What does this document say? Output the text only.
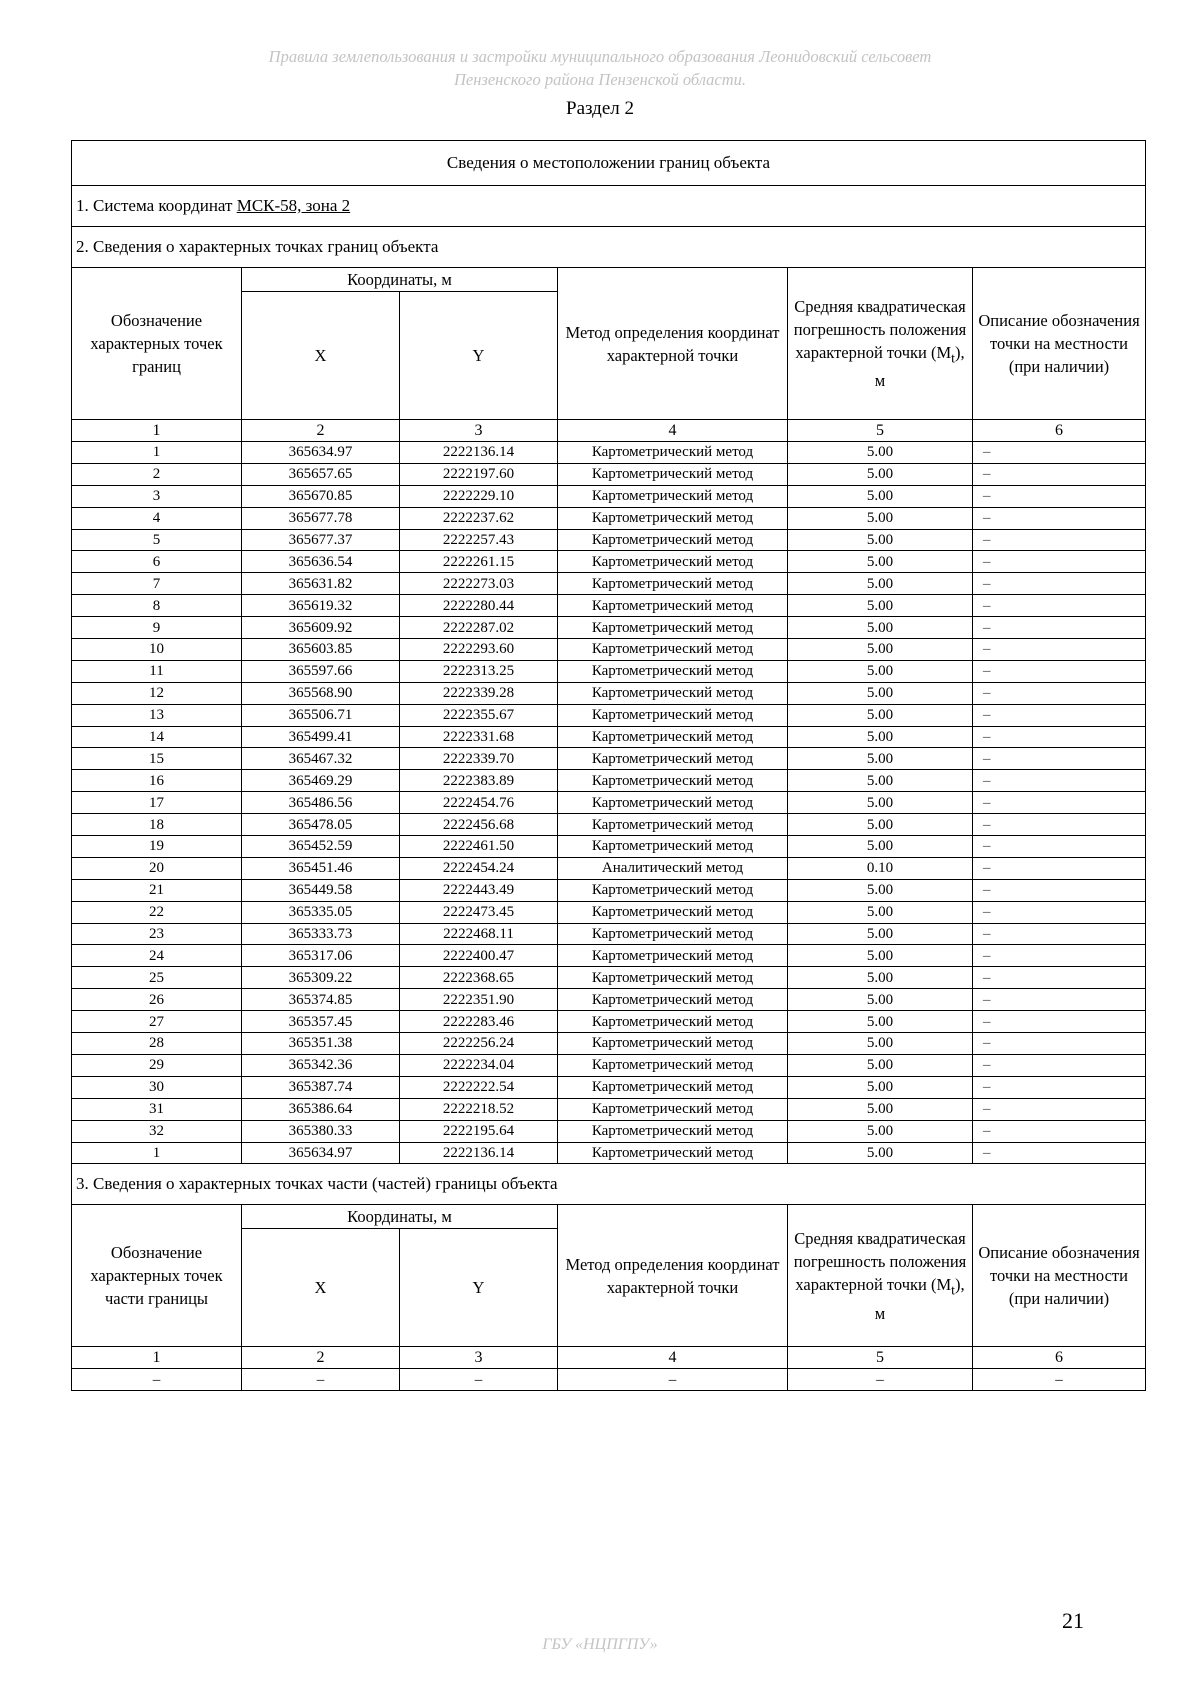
Правила землепользования и застройки муниципального образования Леонидовский сельсовет
Пензенского района Пензенской области.
Раздел 2
Сведения о местоположении границ объекта					
1. Система координат МСК-58, зона 2					
2. Сведения о характерных точках границ объекта					
Обозначение характерных точек границ	Координаты, м		Метод определения координат характерной точки	Средняя квадратическая погрешность положения характерной точки $(M_t)$, м	Описание обозначения точки на местности (при наличии)
	X	Y			
1	2	3	4	5	6
1	365634.97	2222136.14	Картометрический метод	5.00	–
2	365657.65	2222197.60	Картометрический метод	5.00	–
3	365670.85	2222229.10	Картометрический метод	5.00	–
4	365677.78	2222237.62	Картометрический метод	5.00	–
5	365677.37	2222257.43	Картометрический метод	5.00	–
6	365636.54	2222261.15	Картометрический метод	5.00	–
7	365631.82	2222273.03	Картометрический метод	5.00	–
8	365619.32	2222280.44	Картометрический метод	5.00	–
9	365609.92	2222287.02	Картометрический метод	5.00	–
10	365603.85	2222293.60	Картометрический метод	5.00	–
11	365597.66	2222313.25	Картометрический метод	5.00	–
12	365568.90	2222339.28	Картометрический метод	5.00	–
13	365506.71	2222355.67	Картометрический метод	5.00	–
14	365499.41	2222331.68	Картометрический метод	5.00	–
15	365467.32	2222339.70	Картометрический метод	5.00	–
16	365469.29	2222383.89	Картометрический метод	5.00	–
17	365486.56	2222454.76	Картометрический метод	5.00	–
18	365478.05	2222456.68	Картометрический метод	5.00	–
19	365452.59	2222461.50	Картометрический метод	5.00	–
20	365451.46	2222454.24	Аналитический метод	0.10	–
21	365449.58	2222443.49	Картометрический метод	5.00	–
22	365335.05	2222473.45	Картометрический метод	5.00	–
23	365333.73	2222468.11	Картометрический метод	5.00	–
24	365317.06	2222400.47	Картометрический метод	5.00	–
25	365309.22	2222368.65	Картометрический метод	5.00	–
26	365374.85	2222351.90	Картометрический метод	5.00	–
27	365357.45	2222283.46	Картометрический метод	5.00	–
28	365351.38	2222256.24	Картометрический метод	5.00	–
29	365342.36	2222234.04	Картометрический метод	5.00	–
30	365387.74	2222222.54	Картометрический метод	5.00	–
31	365386.64	2222218.52	Картометрический метод	5.00	–
32	365380.33	2222195.64	Картометрический метод	5.00	–
1	365634.97	2222136.14	Картометрический метод	5.00	–
3. Сведения о характерных точках части (частей) границы объекта					
Обозначение характерных точек части границы	Координаты, м		Метод определения координат характерной точки	Средняя квадратическая погрешность положения характерной точки $(M_t)$, м	Описание обозначения точки на местности (при наличии)
	X	Y			
1	2	3	4	5	6
–	–	–	–	–	–
21
ГБУ «НЦПГПУ»
